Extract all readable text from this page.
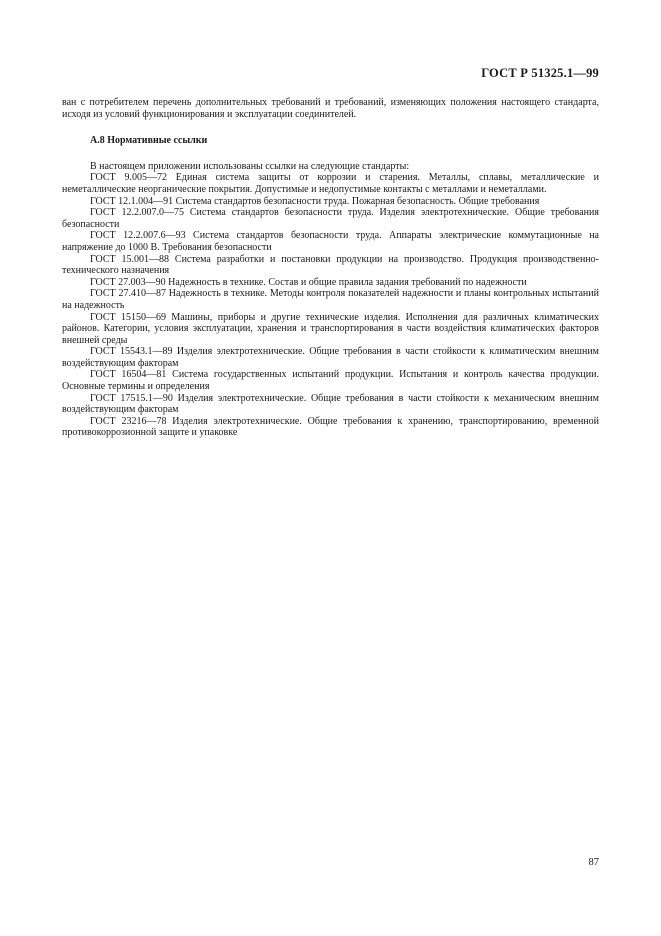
ГОСТ Р 51325.1—99

ван с потребителем перечень дополнительных требований и требований, изменяющих положения настоящего стандарта, исходя из условий функционирования и эксплуатации соединителей.

А.8 Нормативные ссылки

В настоящем приложении использованы ссылки на следующие стандарты:

ГОСТ 9.005—72 Единая система защиты от коррозии и старения. Металлы, сплавы, металлические и неметаллические неорганические покрытия. Допустимые и недопустимые контакты с металлами и неметаллами.

ГОСТ 12.1.004—91 Система стандартов безопасности труда. Пожарная безопасность. Общие требования

ГОСТ 12.2.007.0—75 Система стандартов безопасности труда. Изделия электротехнические. Общие требования безопасности

ГОСТ 12.2.007.6—93 Система стандартов безопасности труда. Аппараты электрические коммутационные на напряжение до 1000 В. Требования безопасности

ГОСТ 15.001—88 Система разработки и постановки продукции на производство. Продукция производственно-технического назначения

ГОСТ 27.003—90 Надежность в технике. Состав и общие правила задания требований по надежности

ГОСТ 27.410—87 Надежность в технике. Методы контроля показателей надежности и планы контрольных испытаний на надежность

ГОСТ 15150—69 Машины, приборы и другие технические изделия. Исполнения для различных климатических районов. Категории, условия эксплуатации, хранения и транспортирования в части воздействия климатических факторов внешней среды

ГОСТ 15543.1—89 Изделия электротехнические. Общие требования в части стойкости к климатическим внешним воздействующим факторам

ГОСТ 16504—81 Система государственных испытаний продукции. Испытания и контроль качества продукции. Основные термины и определения

ГОСТ 17515.1—90 Изделия электротехнические. Общие требования в части стойкости к механическим внешним воздействующим факторам

ГОСТ 23216—78 Изделия электротехнические. Общие требования к хранению, транспортированию, временной противокоррозионной защите и упаковке

87
